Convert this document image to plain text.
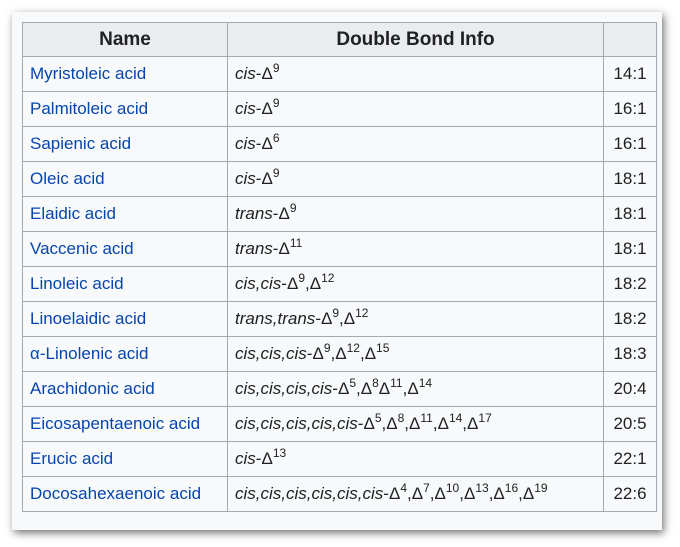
Name	Double Bond Info	
Myristoleic acid	cis-$\Delta^9$	14:1
Palmitoleic acid	cis-$\Delta^9$	16:1
Sapienic acid	cis-$\Delta^6$	16:1
Oleic acid	cis-$\Delta^9$	18:1
Elaidic acid	trans-$\Delta^9$	18:1
Vaccenic acid	trans-$\Delta^{11}$	18:1
Linoleic acid	$cis,cis-\Delta^9,\Delta^{12}$	18:2
Linoelaidic acid	$trans,trans-\Delta^9,\Delta^{12}$	18:2
α-Linolenic acid	$cis,cis,cis-\Delta^9,\Delta^{12},\Delta^{15}$	18:3
Arachidonic acid	$cis,cis,cis,cis-\Delta^5,\Delta^8\Delta^{11},\Delta^{14}$	20:4
Eicosapentaenoic acid	$cis,cis,cis,cis,cis-\Delta^5,\Delta^8,\Delta^{11},\Delta^{14},\Delta^{17}$	20:5
Erucic acid	cis-$\Delta^{13}$	22:1
Docosahexaenoic acid	$cis,cis,cis,cis,cis,cis-\Delta^4,\Delta^7,\Delta^{10},\Delta^{13},\Delta^{16},\Delta^{19}$	22:6
